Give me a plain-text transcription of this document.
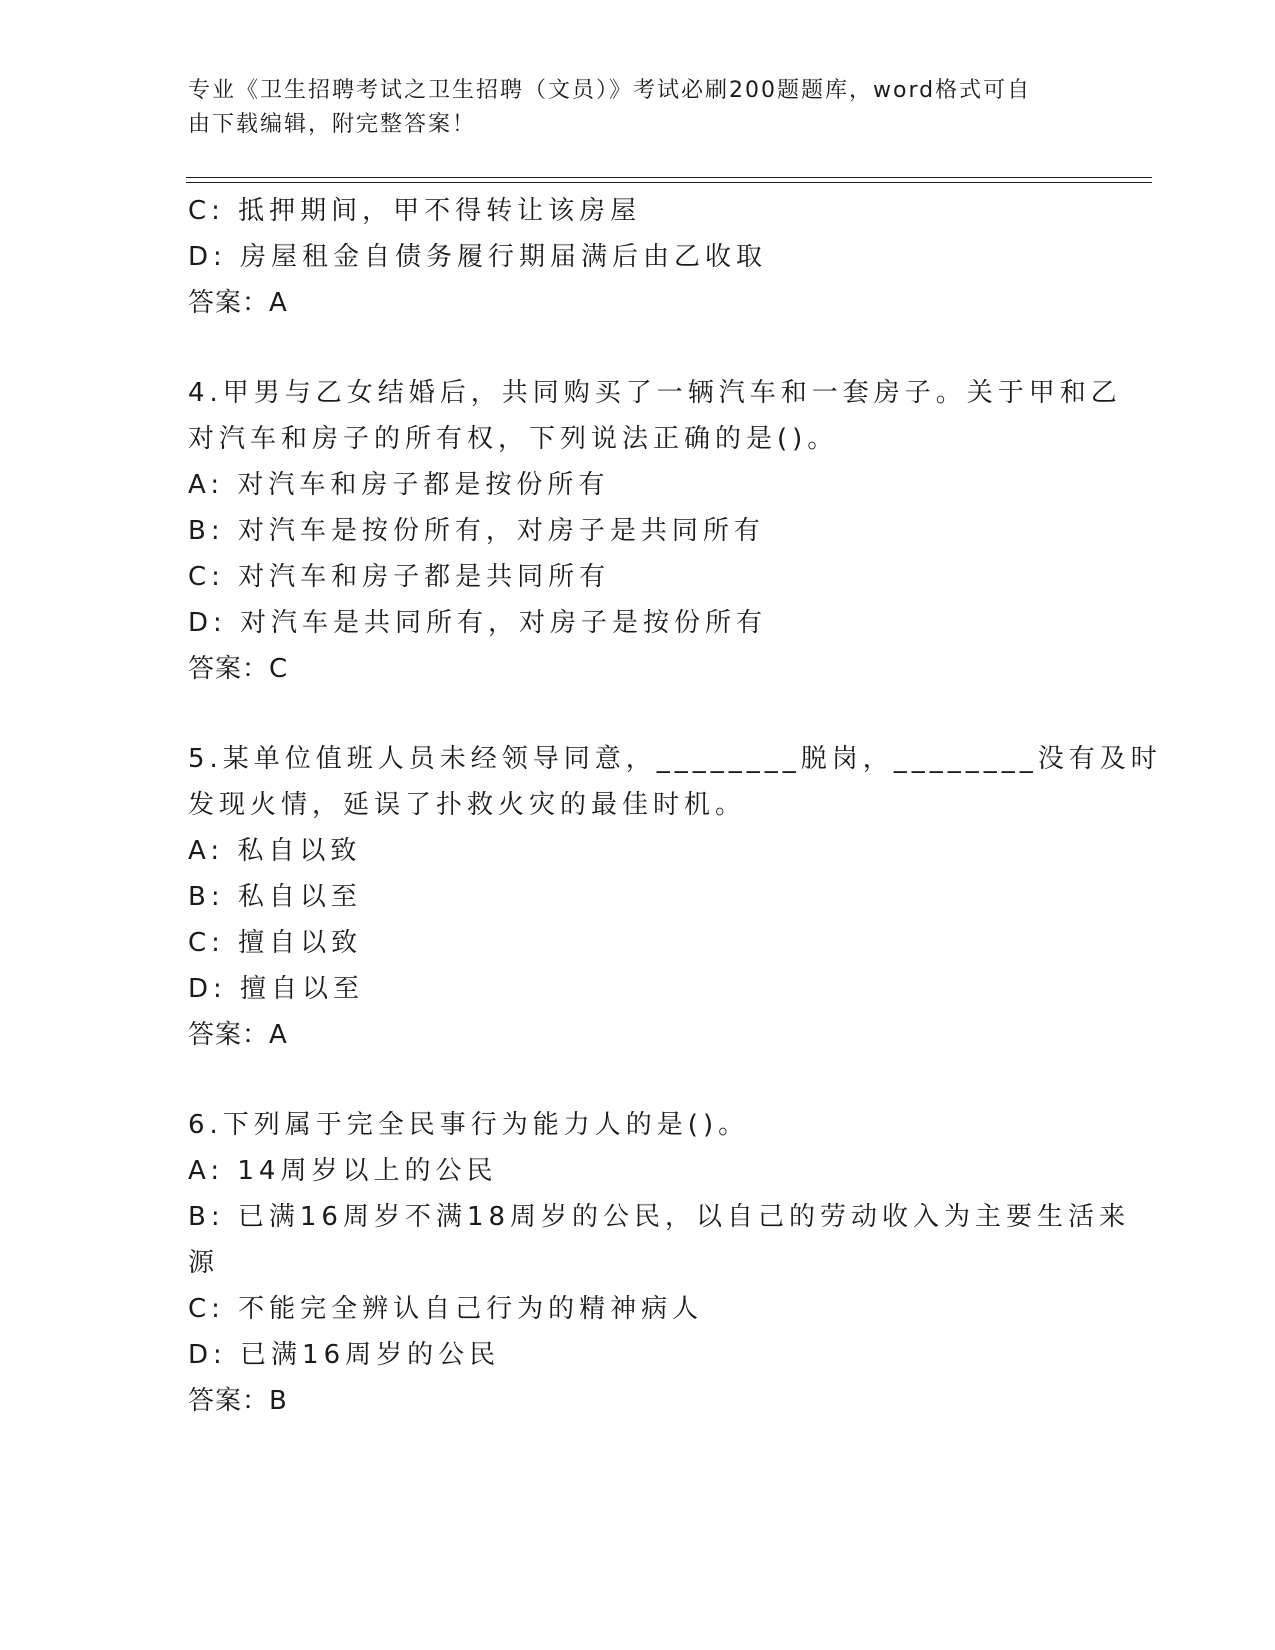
专业《卫生招聘考试之卫生招聘（文员）》考试必刷200题题库，word格式可自
由下载编辑，附完整答案！
C: 抵押期间，甲不得转让该房屋
D: 房屋租金自债务履行期届满后由乙收取
答案：A
4.甲男与乙女结婚后，共同购买了一辆汽车和一套房子。关于甲和乙
对汽车和房子的所有权，下列说法正确的是()。
A: 对汽车和房子都是按份所有
B: 对汽车是按份所有，对房子是共同所有
C: 对汽车和房子都是共同所有
D: 对汽车是共同所有，对房子是按份所有
答案：C
5.某单位值班人员未经领导同意，________脱岗，________没有及时
发现火情，延误了扑救火灾的最佳时机。
A: 私自以致
B: 私自以至
C: 擅自以致
D: 擅自以至
答案：A
6.下列属于完全民事行为能力人的是()。
A: 14周岁以上的公民
B: 已满16周岁不满18周岁的公民，以自己的劳动收入为主要生活来
源
C: 不能完全辨认自己行为的精神病人
D: 已满16周岁的公民
答案：B
